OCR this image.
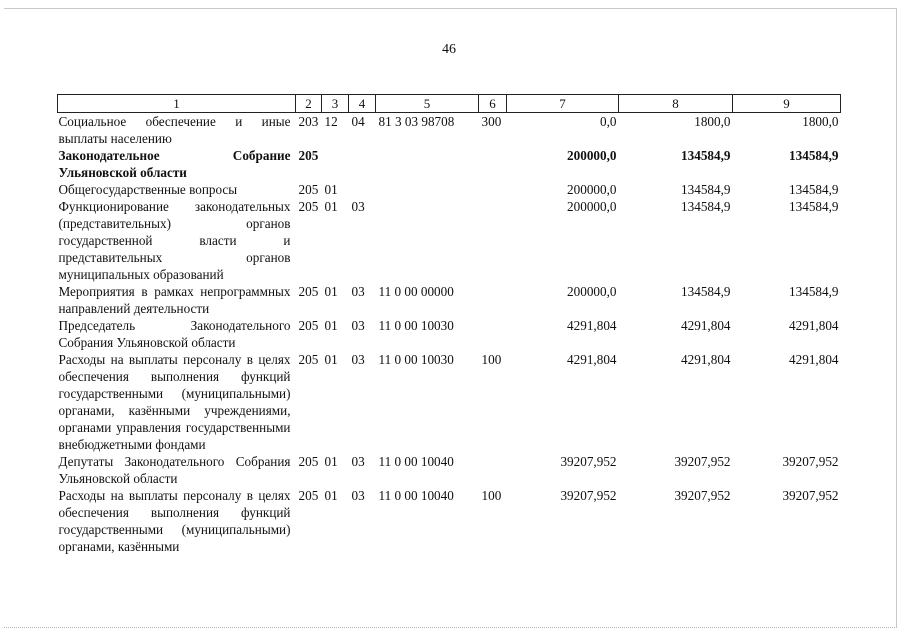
46
1	2	3	4	5	6	7	8	9
Социальное обеспечение и иные выплаты населению	203	12	04	81 3 03 98708	300	0,0	1800,0	1800,0
Законодательное Собрание Ульяновской области	205					200000,0	134584,9	134584,9
Общегосударственные вопросы	205	01				200000,0	134584,9	134584,9
Функционирование законодательных (представительных) органов государственной власти и представительных органов муниципальных образований	205	01	03			200000,0	134584,9	134584,9
Мероприятия в рамках непрограммных направлений деятельности	205	01	03	11 0 00 00000		200000,0	134584,9	134584,9
Председатель Законодательного Собрания Ульяновской области	205	01	03	11 0 00 10030		4291,804	4291,804	4291,804
Расходы на выплаты персоналу в целях обеспечения выполнения функций государственными (муниципальными) органами, казёнными учреждениями, органами управления государственными внебюджетными фондами	205	01	03	11 0 00 10030	100	4291,804	4291,804	4291,804
Депутаты Законодательного Собрания Ульяновской области	205	01	03	11 0 00 10040		39207,952	39207,952	39207,952
Расходы на выплаты персоналу в целях обеспечения выполнения функций государственными (муниципальными) органами, казёнными	205	01	03	11 0 00 10040	100	39207,952	39207,952	39207,952
